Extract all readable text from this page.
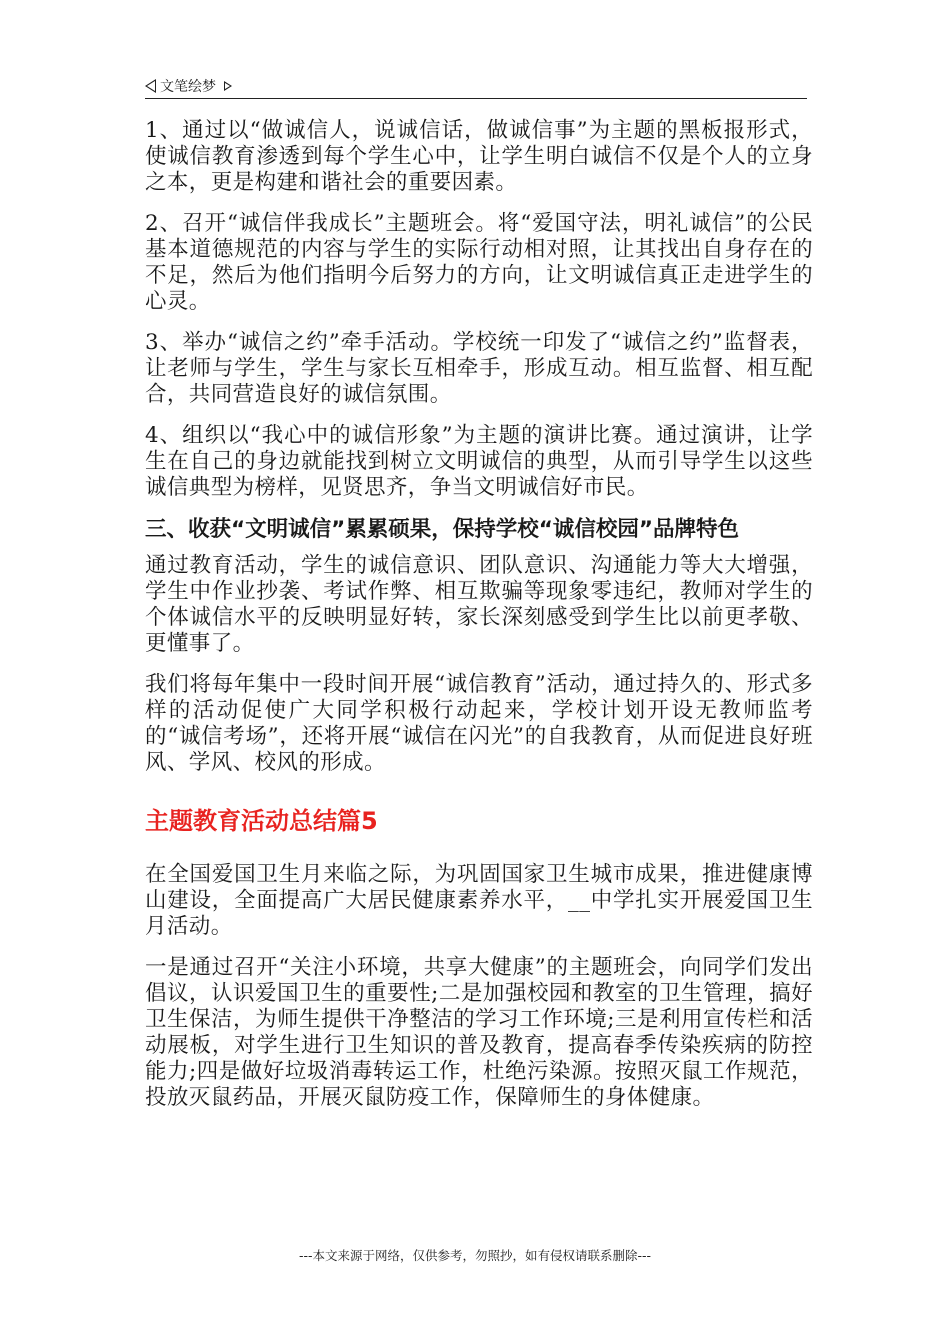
文笔绘梦

1、通过以“做诚信人，说诚信话，做诚信事”为主题的黑板报形式，使诚信教育渗透到每个学生心中，让学生明白诚信不仅是个人的立身之本，更是构建和谐社会的重要因素。

2、召开“诚信伴我成长”主题班会。将“爱国守法，明礼诚信”的公民基本道德规范的内容与学生的实际行动相对照，让其找出自身存在的不足，然后为他们指明今后努力的方向，让文明诚信真正走进学生的心灵。

3、举办“诚信之约”牵手活动。学校统一印发了“诚信之约”监督表，让老师与学生，学生与家长互相牵手，形成互动。相互监督、相互配合，共同营造良好的诚信氛围。

4、组织以“我心中的诚信形象”为主题的演讲比赛。通过演讲，让学生在自己的身边就能找到树立文明诚信的典型，从而引导学生以这些诚信典型为榜样，见贤思齐，争当文明诚信好市民。

三、收获“文明诚信”累累硕果，保持学校“诚信校园”品牌特色

通过教育活动，学生的诚信意识、团队意识、沟通能力等大大增强，学生中作业抄袭、考试作弊、相互欺骗等现象零违纪，教师对学生的个体诚信水平的反映明显好转，家长深刻感受到学生比以前更孝敬、更懂事了。

我们将每年集中一段时间开展“诚信教育”活动，通过持久的、形式多样的活动促使广大同学积极行动起来，学校计划开设无教师监考的“诚信考场”，还将开展“诚信在闪光”的自我教育，从而促进良好班风、学风、校风的形成。

主题教育活动总结篇5

在全国爱国卫生月来临之际，为巩固国家卫生城市成果，推进健康博山建设，全面提高广大居民健康素养水平，__中学扎实开展爱国卫生月活动。

一是通过召开“关注小环境，共享大健康”的主题班会，向同学们发出倡议，认识爱国卫生的重要性;二是加强校园和教室的卫生管理，搞好卫生保洁，为师生提供干净整洁的学习工作环境;三是利用宣传栏和活动展板，对学生进行卫生知识的普及教育，提高春季传染疾病的防控能力;四是做好垃圾消毒转运工作，杜绝污染源。按照灭鼠工作规范，投放灭鼠药品，开展灭鼠防疫工作，保障师生的身体健康。

---本文来源于网络，仅供参考，勿照抄，如有侵权请联系删除---
